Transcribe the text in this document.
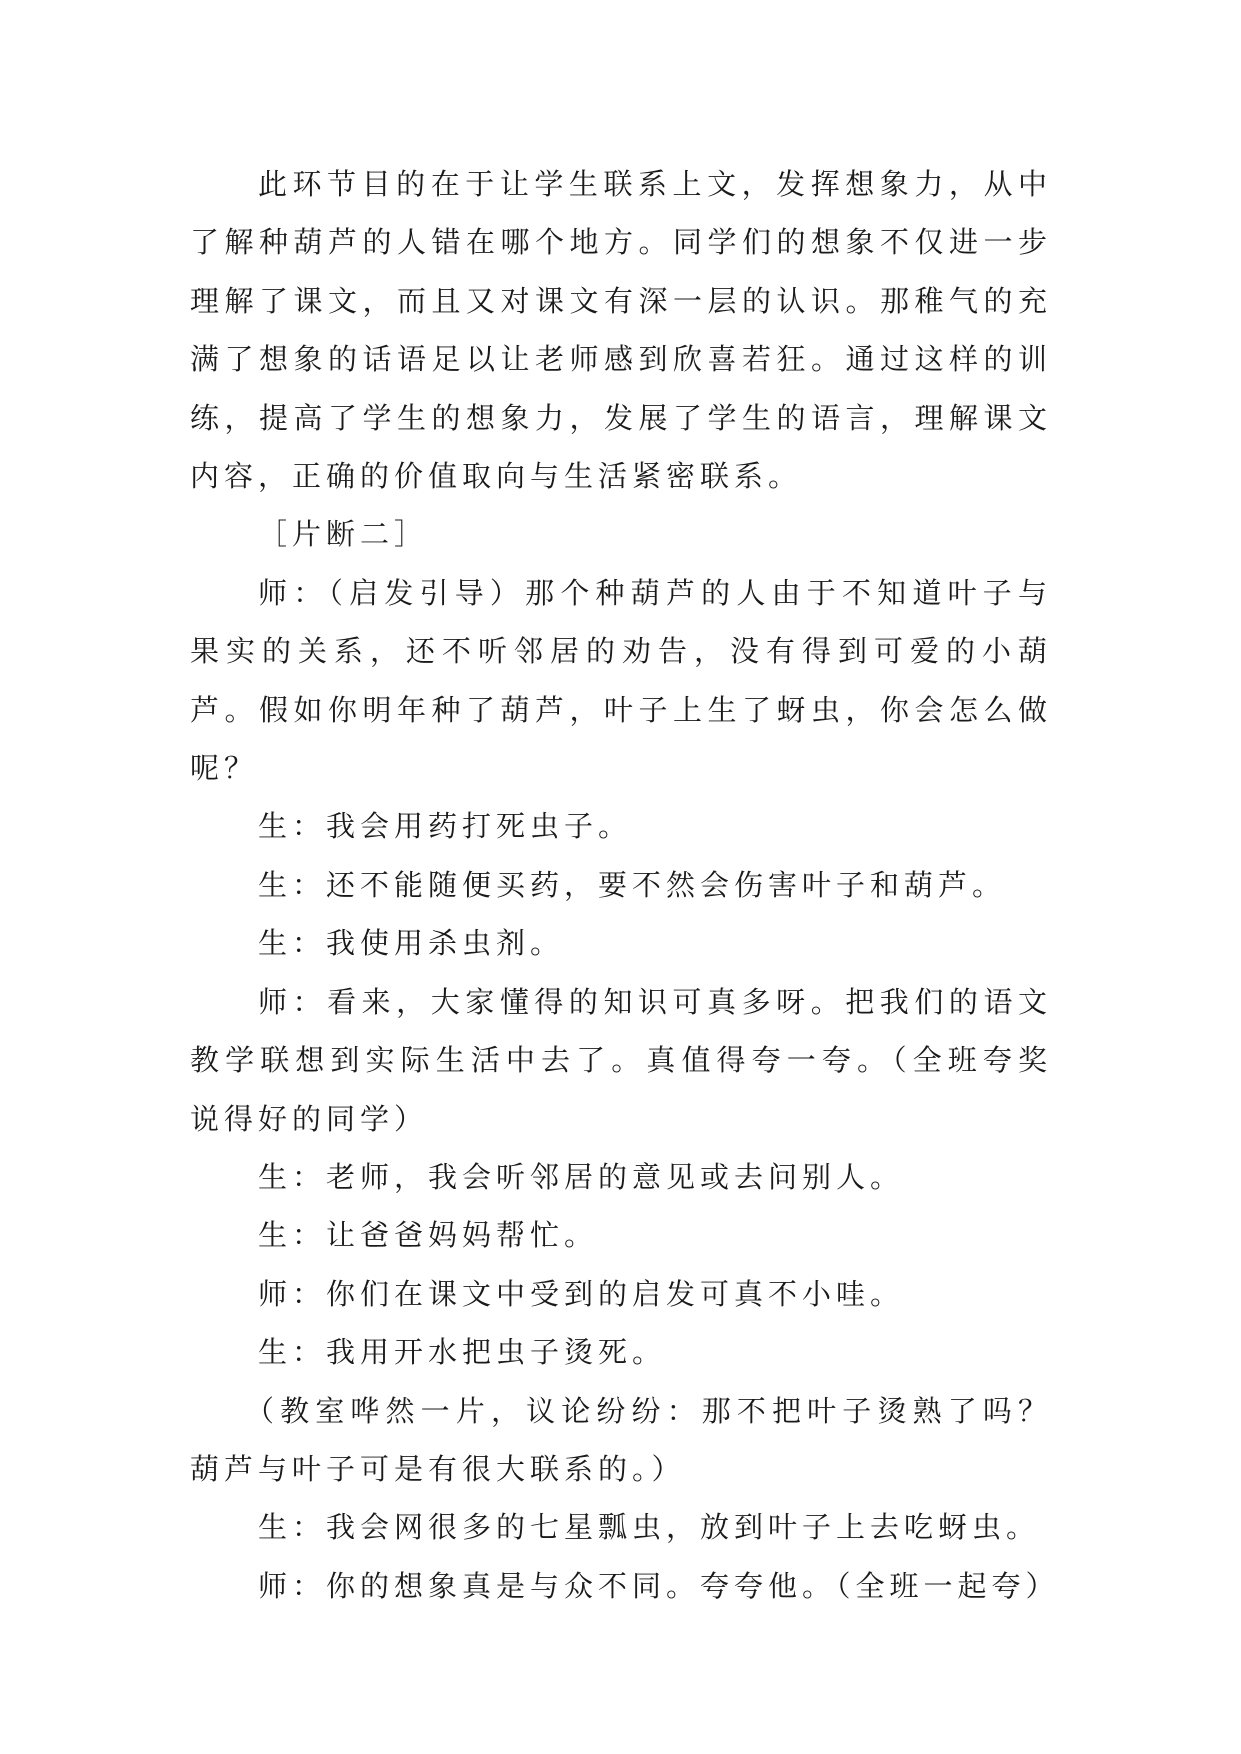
此环节目的在于让学生联系上文，发挥想象力，从中了解种葫芦的人错在哪个地方。同学们的想象不仅进一步理解了课文，而且又对课文有深一层的认识。那稚气的充满了想象的话语足以让老师感到欣喜若狂。通过这样的训练，提高了学生的想象力，发展了学生的语言，理解课文内容，正确的价值取向与生活紧密联系。

［片断二］

师：（启发引导）那个种葫芦的人由于不知道叶子与果实的关系，还不听邻居的劝告，没有得到可爱的小葫芦。假如你明年种了葫芦，叶子上生了蚜虫，你会怎么做呢？

生：我会用药打死虫子。

生：还不能随便买药，要不然会伤害叶子和葫芦。

生：我使用杀虫剂。

师：看来，大家懂得的知识可真多呀。把我们的语文教学联想到实际生活中去了。真值得夸一夸。（全班夸奖说得好的同学）

生：老师，我会听邻居的意见或去问别人。

生：让爸爸妈妈帮忙。

师：你们在课文中受到的启发可真不小哇。

生：我用开水把虫子烫死。

（教室哗然一片，议论纷纷：那不把叶子烫熟了吗？葫芦与叶子可是有很大联系的。）

生：我会网很多的七星瓢虫，放到叶子上去吃蚜虫。

师：你的想象真是与众不同。夸夸他。（全班一起夸）
